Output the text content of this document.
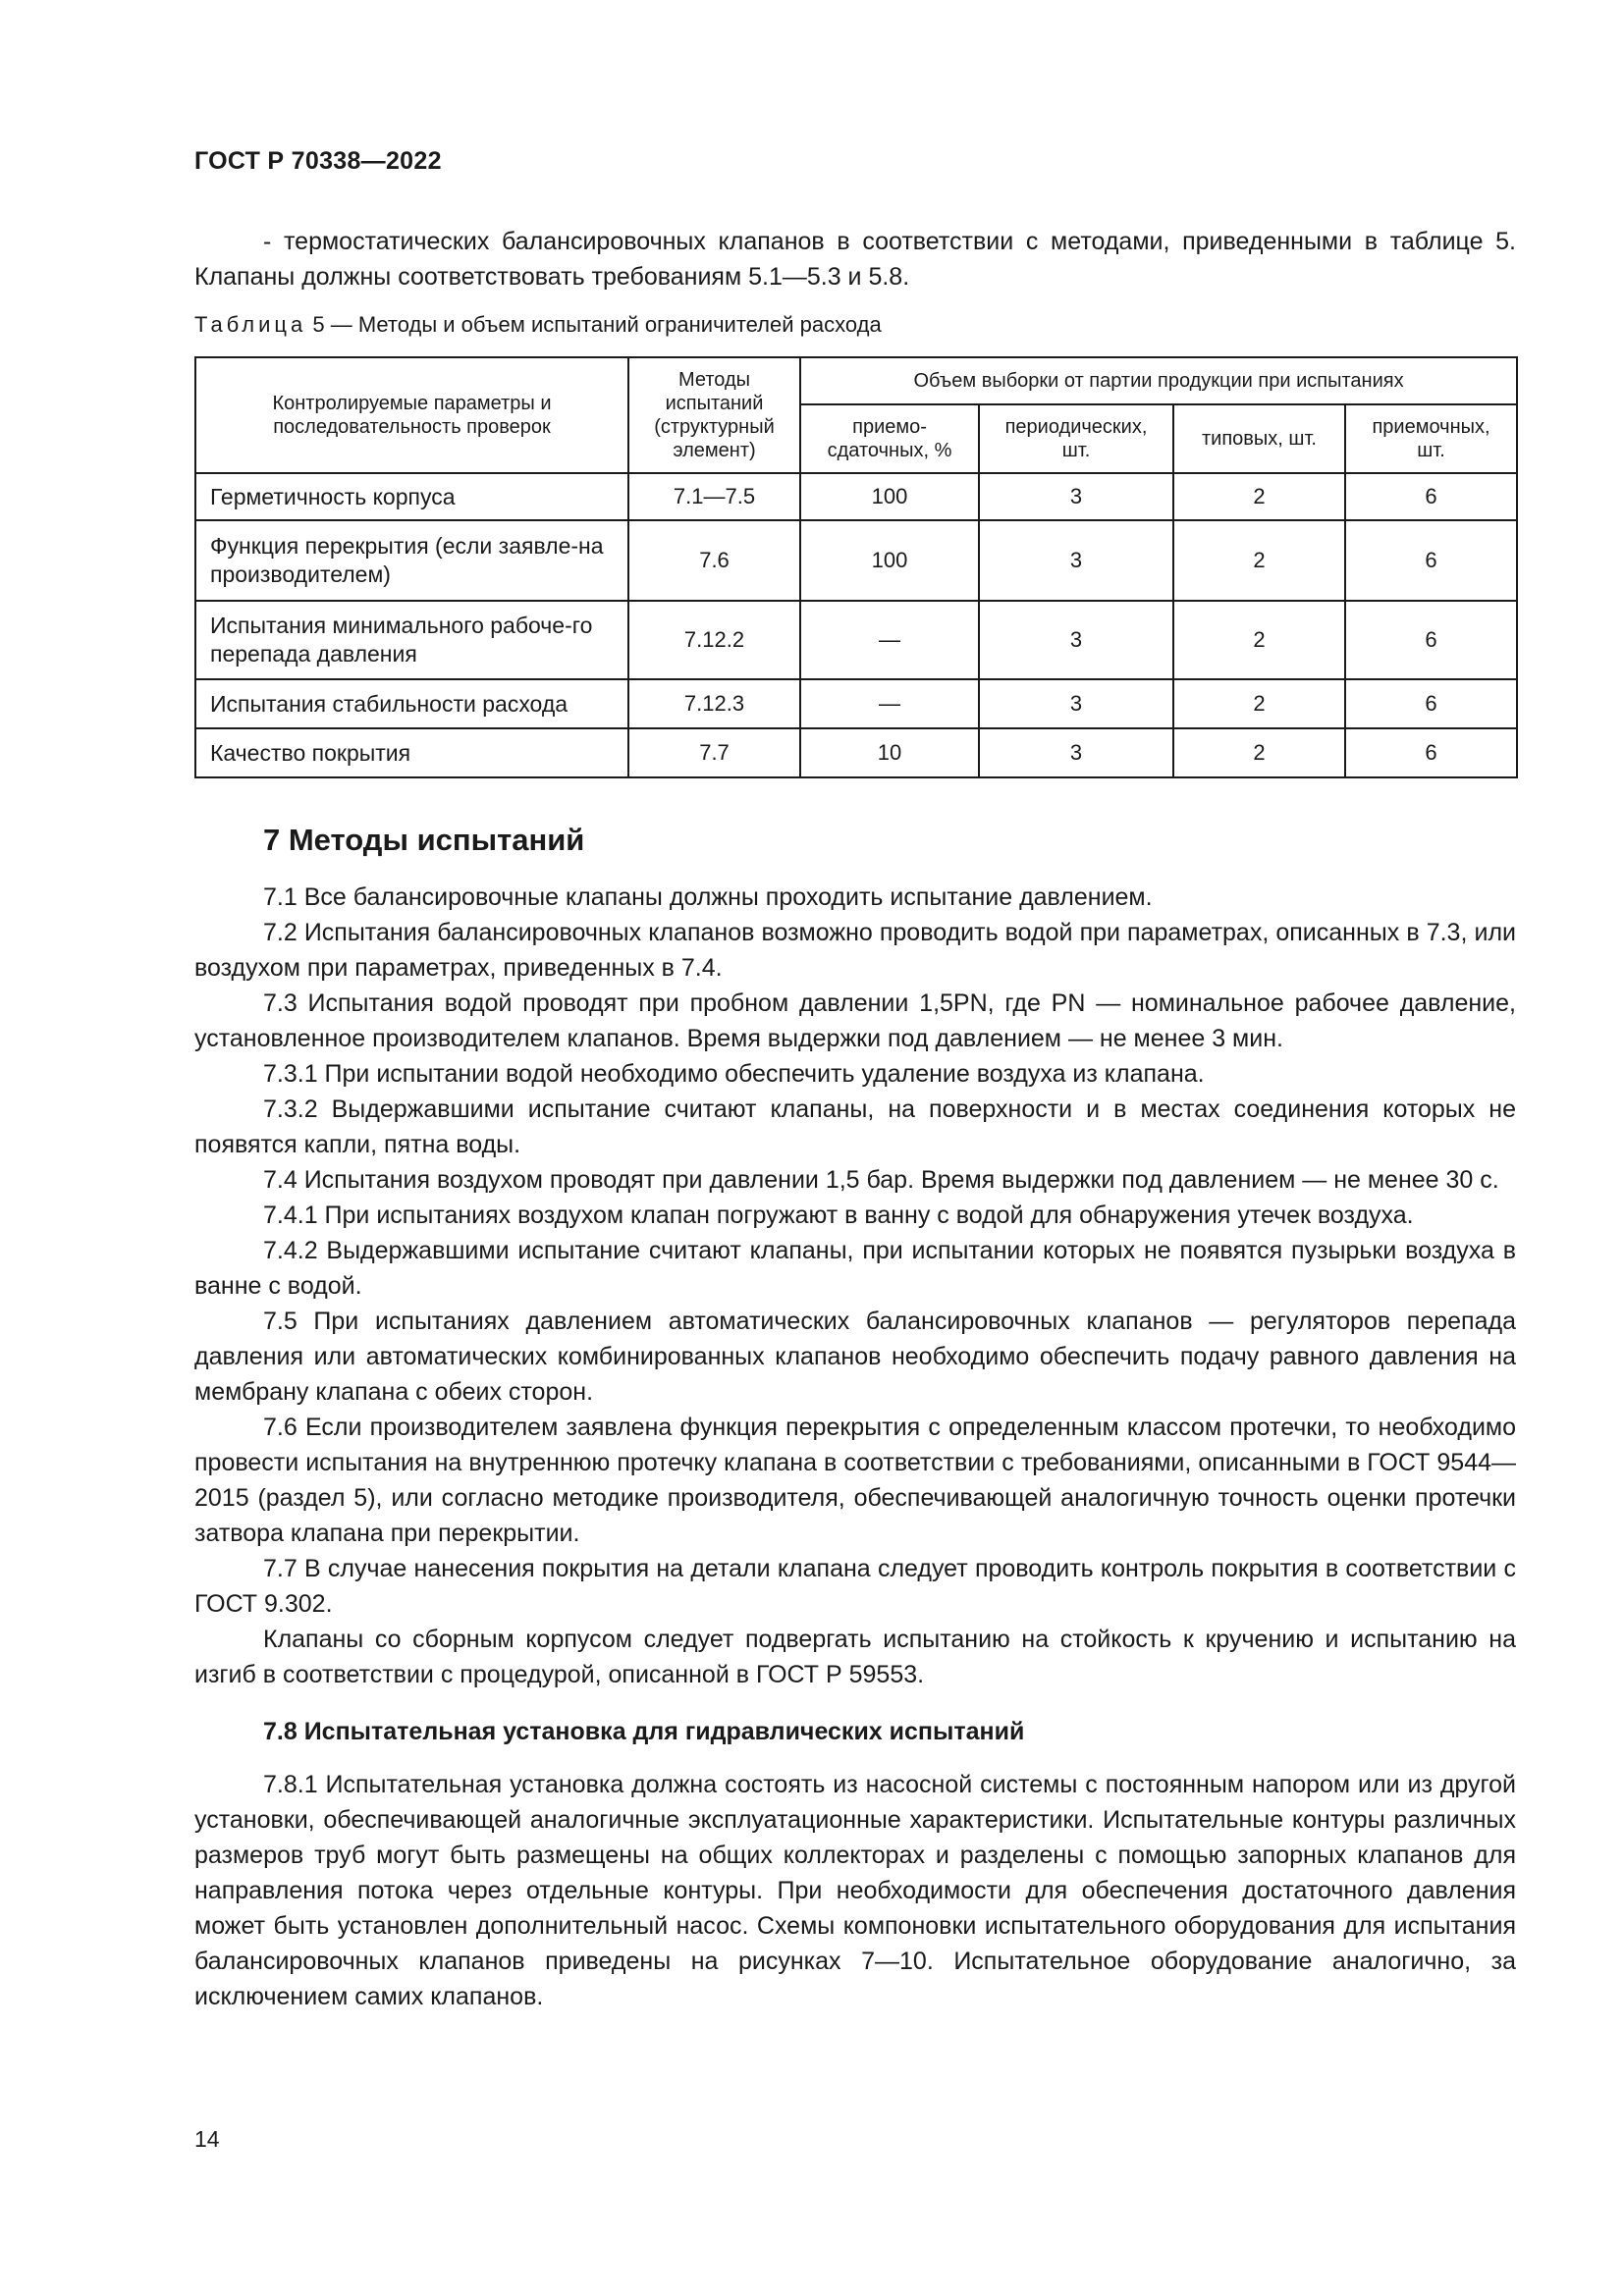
ГОСТ Р 70338—2022

- термостатических балансировочных клапанов в соответствии с методами, приведенными в таблице 5. Клапаны должны соответствовать требованиям 5.1—5.3 и 5.8.

Таблица 5 — Методы и объем испытаний ограничителей расхода
Контролируемые параметры и последовательность проверок	Методы испытаний (структурный элемент)	Объем выборки от партии продукции при испытаниях			
		приемо-сдаточных, %	периодических, шт.	типовых, шт.	приемочных, шт.
Герметичность корпуса	7.1—7.5	100	3	2	6
Функция перекрытия (если заявле-на производителем)	7.6	100	3	2	6
Испытания минимального рабоче-го перепада давления	7.12.2	—	3	2	6
Испытания стабильности расхода	7.12.3	—	3	2	6
Качество покрытия	7.7	10	3	2	6
7 Методы испытаний

7.1 Все балансировочные клапаны должны проходить испытание давлением.

7.2 Испытания балансировочных клапанов возможно проводить водой при параметрах, описанных в 7.3, или воздухом при параметрах, приведенных в 7.4.

7.3 Испытания водой проводят при пробном давлении 1,5PN, где PN — номинальное рабочее давление, установленное производителем клапанов. Время выдержки под давлением — не менее 3 мин.

7.3.1 При испытании водой необходимо обеспечить удаление воздуха из клапана.

7.3.2 Выдержавшими испытание считают клапаны, на поверхности и в местах соединения которых не появятся капли, пятна воды.

7.4 Испытания воздухом проводят при давлении 1,5 бар. Время выдержки под давлением — не менее 30 с.

7.4.1 При испытаниях воздухом клапан погружают в ванну с водой для обнаружения утечек воздуха.

7.4.2 Выдержавшими испытание считают клапаны, при испытании которых не появятся пузырьки воздуха в ванне с водой.

7.5 При испытаниях давлением автоматических балансировочных клапанов — регуляторов перепада давления или автоматических комбинированных клапанов необходимо обеспечить подачу равного давления на мембрану клапана с обеих сторон.

7.6 Если производителем заявлена функция перекрытия с определенным классом протечки, то необходимо провести испытания на внутреннюю протечку клапана в соответствии с требованиями, описанными в ГОСТ 9544—2015 (раздел 5), или согласно методике производителя, обеспечивающей аналогичную точность оценки протечки затвора клапана при перекрытии.

7.7 В случае нанесения покрытия на детали клапана следует проводить контроль покрытия в соответствии с ГОСТ 9.302.

Клапаны со сборным корпусом следует подвергать испытанию на стойкость к кручению и испытанию на изгиб в соответствии с процедурой, описанной в ГОСТ Р 59553.

7.8 Испытательная установка для гидравлических испытаний

7.8.1 Испытательная установка должна состоять из насосной системы с постоянным напором или из другой установки, обеспечивающей аналогичные эксплуатационные характеристики. Испытательные контуры различных размеров труб могут быть размещены на общих коллекторах и разделены с помощью запорных клапанов для направления потока через отдельные контуры. При необходимости для обеспечения достаточного давления может быть установлен дополнительный насос. Схемы компоновки испытательного оборудования для испытания балансировочных клапанов приведены на рисунках 7—10. Испытательное оборудование аналогично, за исключением самих клапанов.

14
